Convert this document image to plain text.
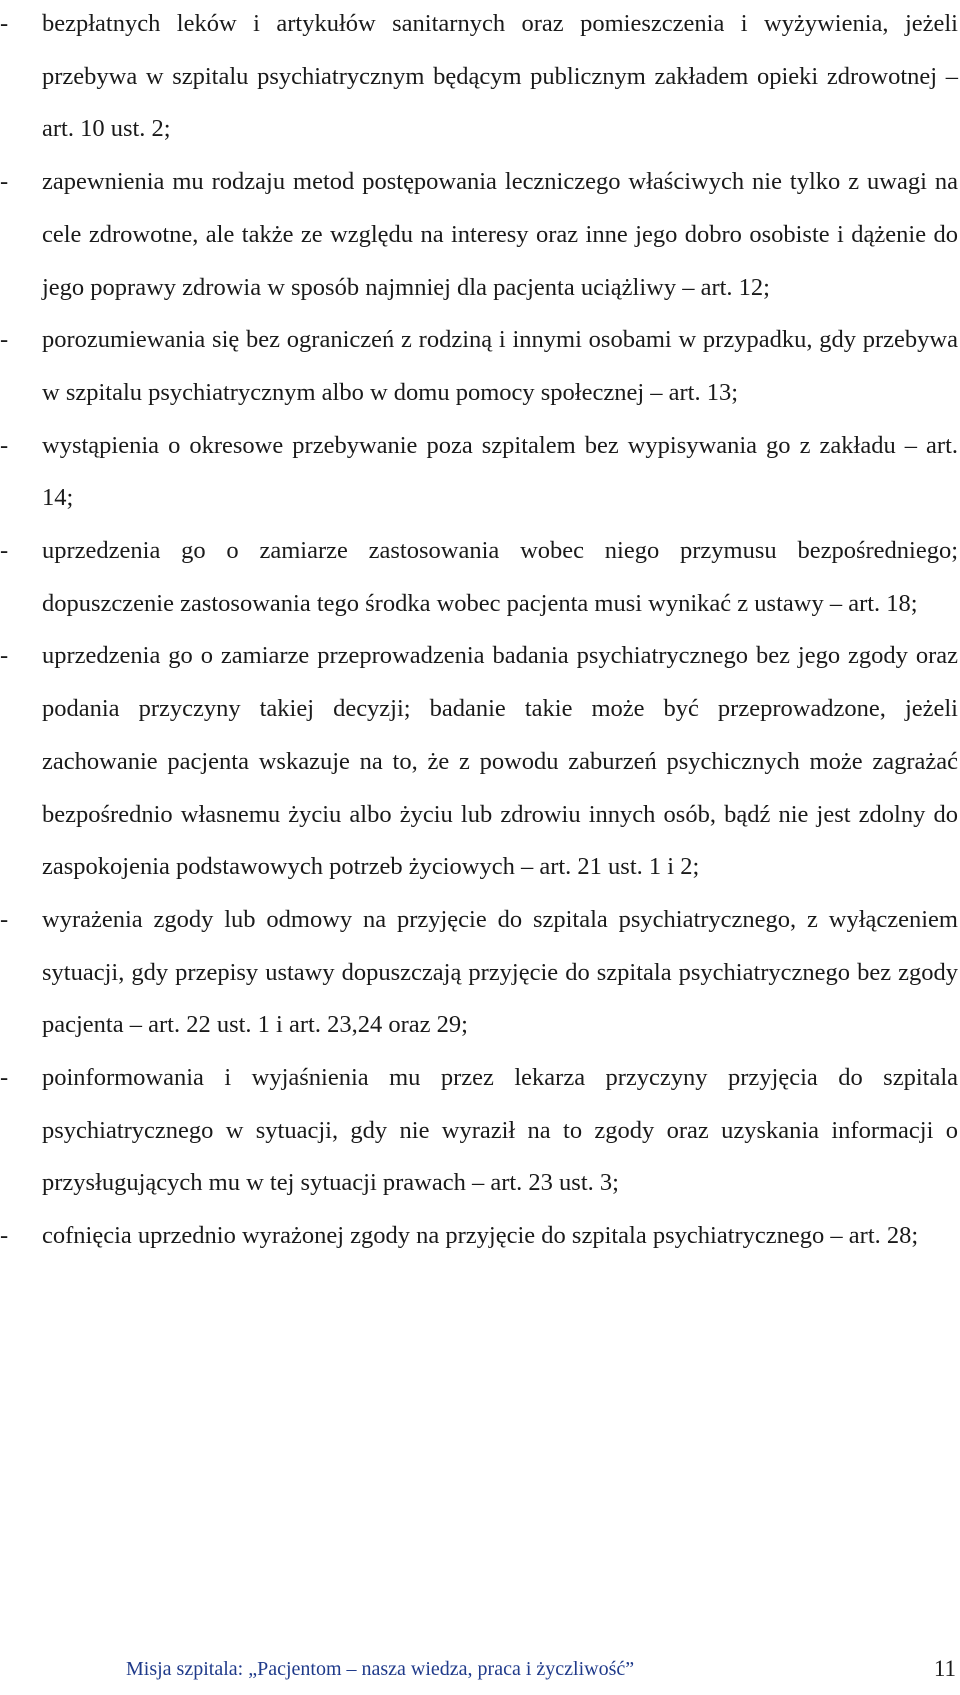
- bezpłatnych leków i artykułów sanitarnych oraz pomieszczenia i wyżywienia, jeżeli przebywa w szpitalu psychiatrycznym będącym publicznym zakładem opieki zdrowotnej – art. 10 ust. 2;
- zapewnienia mu rodzaju metod postępowania leczniczego właściwych nie tylko z uwagi na cele zdrowotne, ale także ze względu na interesy oraz inne jego dobro osobiste i dążenie do jego poprawy zdrowia w sposób najmniej dla pacjenta uciążliwy – art. 12;
- porozumiewania się bez ograniczeń z rodziną i innymi osobami w przypadku, gdy przebywa w szpitalu psychiatrycznym albo w domu pomocy społecznej – art. 13;
- wystąpienia o okresowe przebywanie poza szpitalem bez wypisywania go z zakładu – art. 14;
- uprzedzenia go o zamiarze zastosowania wobec niego przymusu bezpośredniego; dopuszczenie zastosowania tego środka wobec pacjenta musi wynikać z ustawy – art. 18;
- uprzedzenia go o zamiarze przeprowadzenia badania psychiatrycznego bez jego zgody oraz podania przyczyny takiej decyzji; badanie takie może być przeprowadzone, jeżeli zachowanie pacjenta wskazuje na to, że z powodu zaburzeń psychicznych może zagrażać bezpośrednio własnemu życiu albo życiu lub zdrowiu innych osób, bądź nie jest zdolny do zaspokojenia podstawowych potrzeb życiowych – art. 21 ust. 1 i 2;
- wyrażenia zgody lub odmowy na przyjęcie do szpitala psychiatrycznego, z wyłączeniem sytuacji, gdy przepisy ustawy dopuszczają przyjęcie do szpitala psychiatrycznego bez zgody pacjenta – art. 22 ust. 1 i art. 23,24 oraz 29;
- poinformowania i wyjaśnienia mu przez lekarza przyczyny przyjęcia do szpitala psychiatrycznego w sytuacji, gdy nie wyraził na to zgody oraz uzyskania informacji o przysługujących mu w tej sytuacji prawach – art. 23 ust. 3;
- cofnięcia uprzednio wyrażonej zgody na przyjęcie do szpitala psychiatrycznego – art. 28;
Misja szpitala: „Pacjentom – nasza wiedza, praca i życzliwość”	11
